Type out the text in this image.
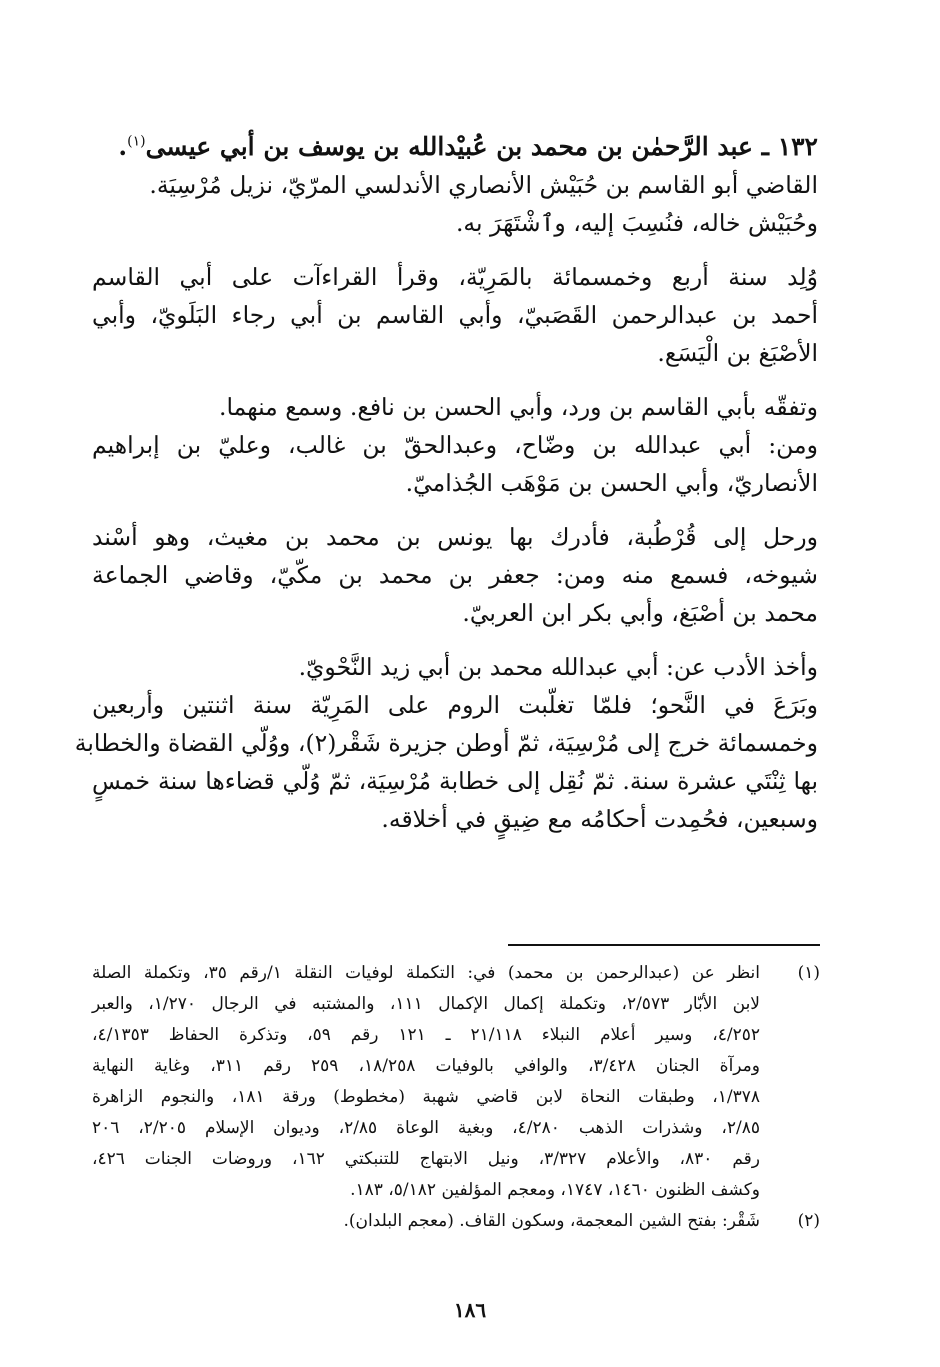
١٣٢ ـ عبد الرَّحمٰن بن محمد بن عُبيْدالله بن يوسف بن أبي عيسى$^{(١)}$.
القاضي أبو القاسم بن حُبَيْش الأنصاري الأندلسي المرّيّ، نزيل مُرْسِيَة.
وحُبَيْش خاله، فنُسِبَ إليه، وٱشْتَهَرَ به.
وُلِد سنة أربع وخمسمائة بالمَرِيّة، وقرأ القراءآت على أبي القاسم
أحمد بن عبدالرحمن القَصَبيّ، وأبي القاسم بن أبي رجاء البَلَويّ، وأبي
الأصْبَغ بن الْيَسَع.
وتفقّه بأبي القاسم بن ورد، وأبي الحسن بن نافع. وسمع منهما.
ومن: أبي عبدالله بن وضّاح، وعبدالحقّ بن غالب، وعليّ بن إبراهيم
الأنصاريّ، وأبي الحسن بن مَوْهَب الجُذاميّ.
ورحل إلى قُرْطُبة، فأدرك بها يونس بن محمد بن مغيث، وهو أسْند
شيوخه، فسمع منه ومن: جعفر بن محمد بن مكّيّ، وقاضي الجماعة
محمد بن أصْبَغ، وأبي بكر ابن العربيّ.
وأخذ الأدب عن: أبي عبدالله محمد بن أبي زيد النَّحْويّ.
وبَرَعَ في النَّحو؛ فلمّا تغلّبت الروم على المَرِيّة سنة اثنتين وأربعين
وخمسمائة خرج إلى مُرْسِيَة، ثمّ أوطن جزيرة شَقْر(٢)، ووُلّي القضاة والخطابة
بها ثِنْتَي عشرة سنة. ثمّ نُقِل إلى خطابة مُرْسِيَة، ثمّ وُلّي قضاءها سنة خمسٍ
وسبعين، فحُمِدت أحكامُه مع ضِيقٍ في أخلاقه.
(١)
انظر عن (عبدالرحمن بن محمد) في: التكملة لوفيات النقلة ١/رقم ٣٥، وتكملة الصلة
لابن الأبّار ٢/٥٧٣، وتكملة إكمال الإكمال ١١١، والمشتبه في الرجال ١/٢٧٠، والعبر
٤/٢٥٢، وسير أعلام النبلاء ٢١/١١٨ ـ ١٢١ رقم ٥٩، وتذكرة الحفاظ ٤/١٣٥٣،
ومرآة الجنان ٣/٤٢٨، والوافي بالوفيات ١٨/٢٥٨، ٢٥٩ رقم ٣١١، وغاية النهاية
١/٣٧٨، وطبقات النحاة لابن قاضي شهبة (مخطوط) ورقة ١٨١، والنجوم الزاهرة
٢/٨٥، وشذرات الذهب ٤/٢٨٠، وبغية الوعاة ٢/٨٥، وديوان الإسلام ٢/٢٠٥، ٢٠٦
رقم ٨٣٠، والأعلام ٣/٣٢٧، ونيل الابتهاج للتنبكتي ١٦٢، وروضات الجنات ٤٢٦،
وكشف الظنون ١٤٦٠، ١٧٤٧، ومعجم المؤلفين ٥/١٨٢، ١٨٣.
(٢)
شَقْر: بفتح الشين المعجمة، وسكون القاف. (معجم البلدان).
١٨٦
